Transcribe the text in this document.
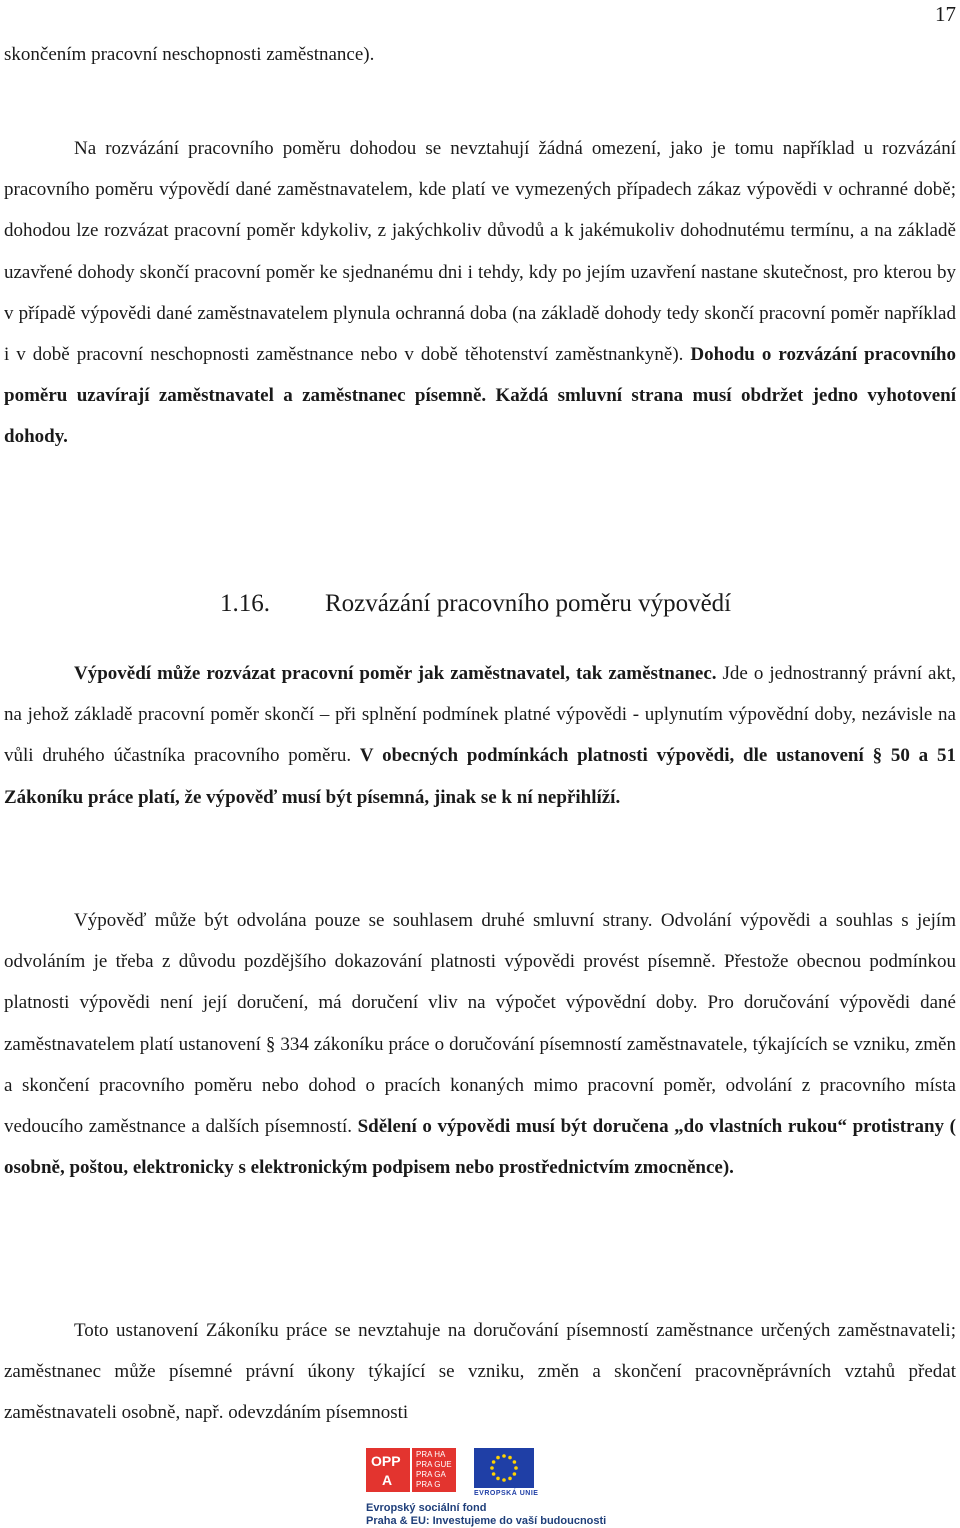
17

skončením pracovní neschopnosti zaměstnance).

Na rozvázání pracovního poměru dohodou se nevztahují žádná omezení, jako je tomu například u rozvázání pracovního poměru výpovědí dané zaměstnavatelem, kde platí ve vymezených případech zákaz výpovědi v ochranné době; dohodou lze rozvázat pracovní poměr kdykoliv, z jakýchkoliv důvodů a k jakémukoliv dohodnutému termínu, a na základě uzavřené dohody skončí pracovní poměr ke sjednanému dni i tehdy, kdy po jejím uzavření nastane skutečnost, pro kterou by v případě výpovědi dané zaměstnavatelem plynula ochranná doba (na základě dohody tedy skončí pracovní poměr například i v době pracovní neschopnosti zaměstnance nebo v době těhotenství zaměstnankyně). Dohodu o rozvázání pracovního poměru uzavírají zaměstnavatel a zaměstnanec písemně. Každá smluvní strana musí obdržet jedno vyhotovení dohody.

1.16. Rozvázání pracovního poměru výpovědí

Výpovědí může rozvázat pracovní poměr jak zaměstnavatel, tak zaměstnanec. Jde o jednostranný právní akt, na jehož základě pracovní poměr skončí – při splnění podmínek platné výpovědi - uplynutím výpovědní doby, nezávisle na vůli druhého účastníka pracovního poměru. V obecných podmínkách platnosti výpovědi, dle ustanovení § 50 a 51 Zákoníku práce platí, že výpověď musí být písemná, jinak se k ní nepřihlíží.

Výpověď může být odvolána pouze se souhlasem druhé smluvní strany. Odvolání výpovědi a souhlas s jejím odvoláním je třeba z důvodu pozdějšího dokazování platnosti výpovědi provést písemně. Přestože obecnou podmínkou platnosti výpovědi není její doručení, má doručení vliv na výpočet výpovědní doby. Pro doručování výpovědi dané zaměstnavatelem platí ustanovení § 334 zákoníku práce o doručování písemností zaměstnavatele, týkajících se vzniku, změn a skončení pracovního poměru nebo dohod o pracích konaných mimo pracovní poměr, odvolání z pracovního místa vedoucího zaměstnance a dalších písemností. Sdělení o výpovědi musí být doručena „do vlastních rukou“ protistrany ( osobně, poštou, elektronicky s elektronickým podpisem nebo prostřednictvím zmocněnce).

Toto ustanovení Zákoníku práce se nevztahuje na doručování písemností zaměstnance určených zaměstnavateli; zaměstnanec může písemné právní úkony týkající se vzniku, změn a skončení pracovněprávních vztahů předat zaměstnavateli osobně, např. odevzdáním písemnosti

OPP
A
PRA HA PRA GUE PRA GA PRA G
EVROPSKÁ UNIE
Evropský sociální fond
Praha & EU: Investujeme do vaší budoucnosti
